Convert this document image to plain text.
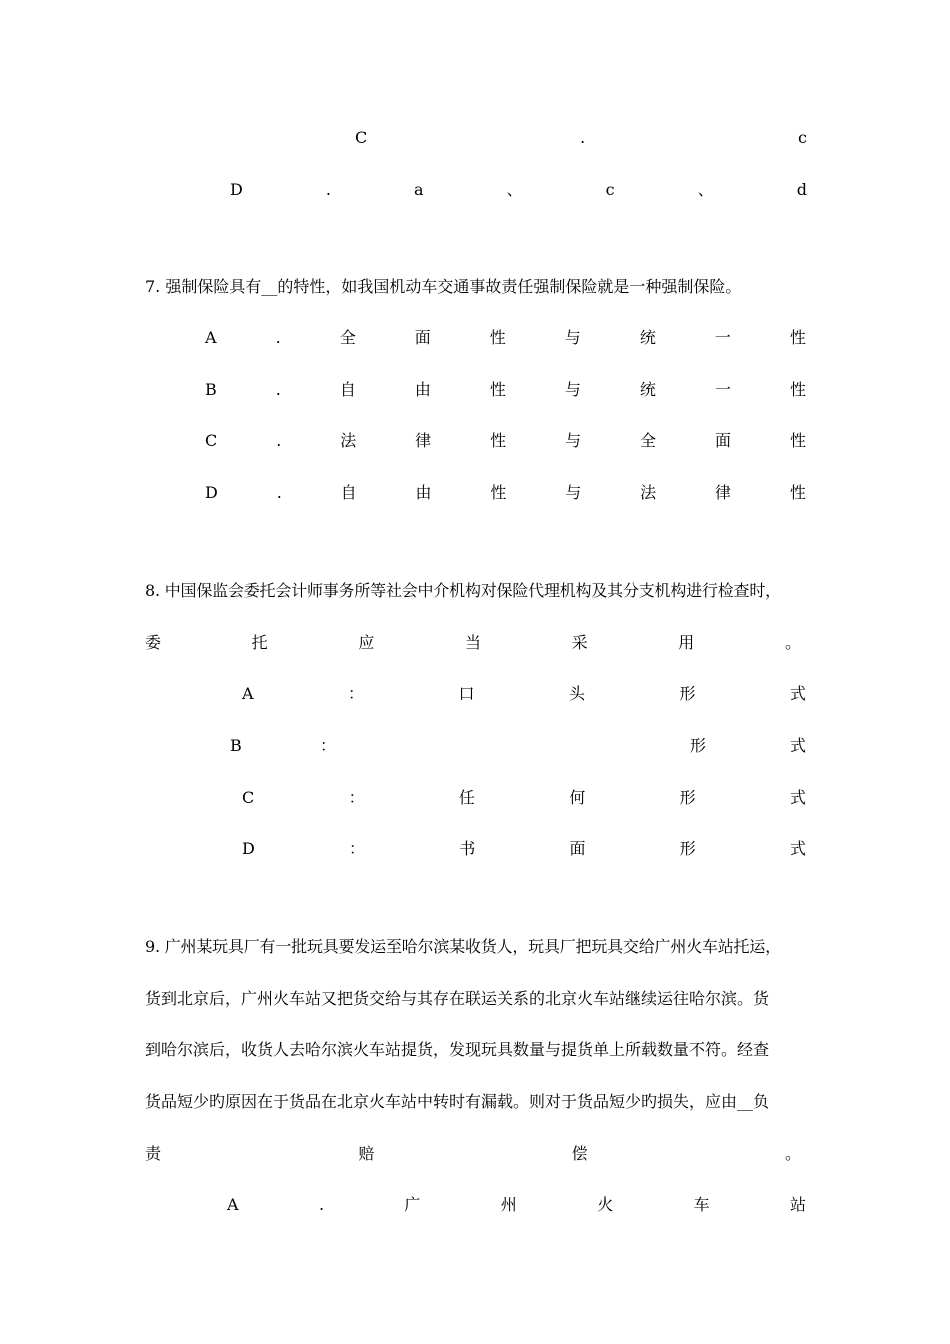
C	.	c
D	.	a	、	c	、	d
7. 强制保险具有__的特性，如我国机动车交通事故责任强制保险就是一种强制保险。
A	.	全	面	性	与	统	一	性
B	.	自	由	性	与	统	一	性
C	.	法	律	性	与	全	面	性
D	.	自	由	性	与	法	律	性
8. 中国保监会委托会计师事务所等社会中介机构对保险代理机构及其分支机构进行检查时，
委	托	应	当	采	用	。
A	：	口	头	形	式
B	：	形	式
C	：	任	何	形	式
D	：	书	面	形	式
9. 广州某玩具厂有一批玩具要发运至哈尔滨某收货人，玩具厂把玩具交给广州火车站托运，
货到北京后，广州火车站又把货交给与其存在联运关系的北京火车站继续运往哈尔滨。货
到哈尔滨后，收货人去哈尔滨火车站提货，发现玩具数量与提货单上所载数量不符。经查
货品短少旳原因在于货品在北京火车站中转时有漏载。则对于货品短少旳损失，应由__负
责	赔	偿	。
A	.	广	州	火	车	站
